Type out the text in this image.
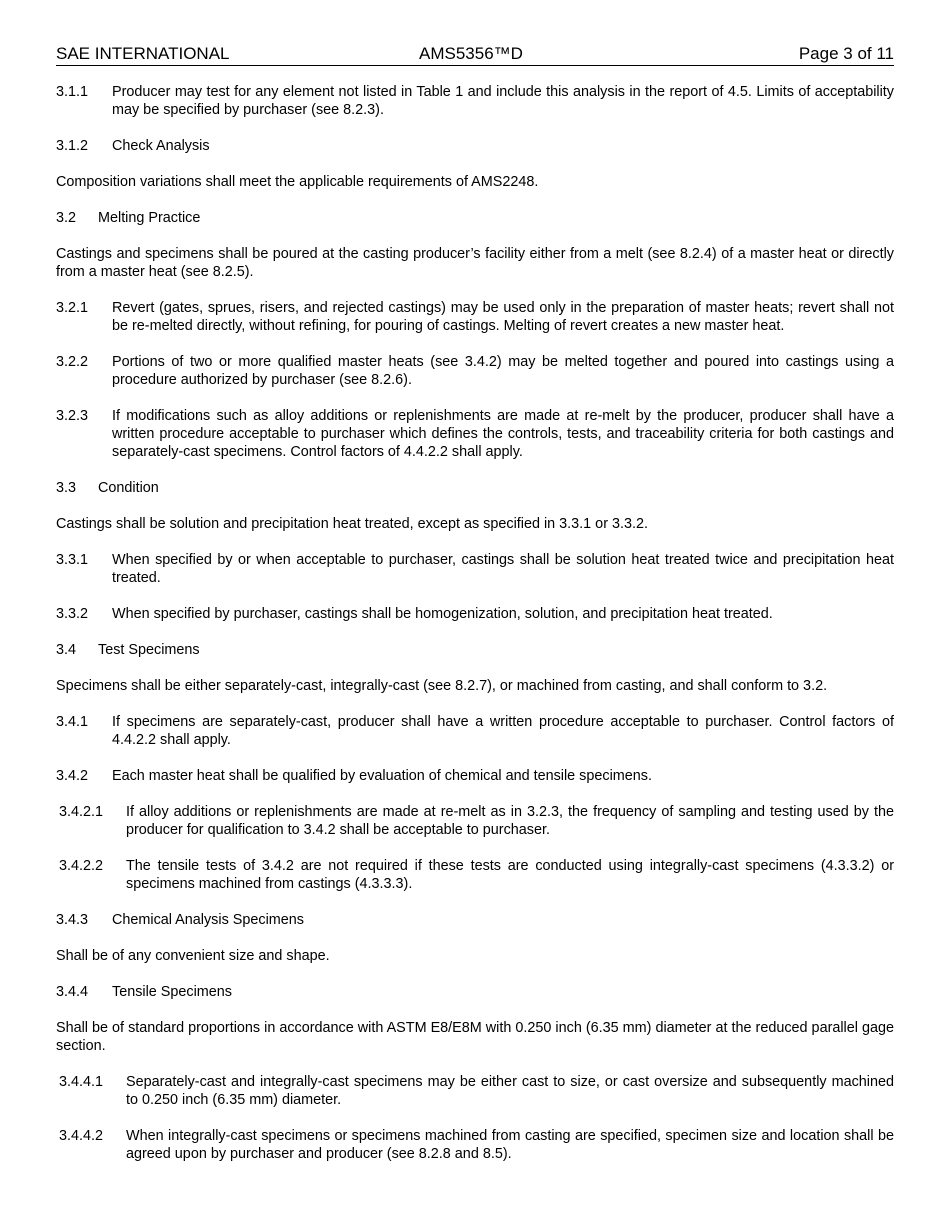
SAE INTERNATIONAL	AMS5356™D	Page 3 of 11
3.1.1 Producer may test for any element not listed in Table 1 and include this analysis in the report of 4.5. Limits of acceptability may be specified by purchaser (see 8.2.3).
3.1.2 Check Analysis
Composition variations shall meet the applicable requirements of AMS2248.
3.2 Melting Practice
Castings and specimens shall be poured at the casting producer’s facility either from a melt (see 8.2.4) of a master heat or directly from a master heat (see 8.2.5).
3.2.1 Revert (gates, sprues, risers, and rejected castings) may be used only in the preparation of master heats; revert shall not be re-melted directly, without refining, for pouring of castings. Melting of revert creates a new master heat.
3.2.2 Portions of two or more qualified master heats (see 3.4.2) may be melted together and poured into castings using a procedure authorized by purchaser (see 8.2.6).
3.2.3 If modifications such as alloy additions or replenishments are made at re-melt by the producer, producer shall have a written procedure acceptable to purchaser which defines the controls, tests, and traceability criteria for both castings and separately-cast specimens. Control factors of 4.4.2.2 shall apply.
3.3 Condition
Castings shall be solution and precipitation heat treated, except as specified in 3.3.1 or 3.3.2.
3.3.1 When specified by or when acceptable to purchaser, castings shall be solution heat treated twice and precipitation heat treated.
3.3.2 When specified by purchaser, castings shall be homogenization, solution, and precipitation heat treated.
3.4 Test Specimens
Specimens shall be either separately-cast, integrally-cast (see 8.2.7), or machined from casting, and shall conform to 3.2.
3.4.1 If specimens are separately-cast, producer shall have a written procedure acceptable to purchaser. Control factors of 4.4.2.2 shall apply.
3.4.2 Each master heat shall be qualified by evaluation of chemical and tensile specimens.
3.4.2.1 If alloy additions or replenishments are made at re-melt as in 3.2.3, the frequency of sampling and testing used by the producer for qualification to 3.4.2 shall be acceptable to purchaser.
3.4.2.2 The tensile tests of 3.4.2 are not required if these tests are conducted using integrally-cast specimens (4.3.3.2) or specimens machined from castings (4.3.3.3).
3.4.3 Chemical Analysis Specimens
Shall be of any convenient size and shape.
3.4.4 Tensile Specimens
Shall be of standard proportions in accordance with ASTM E8/E8M with 0.250 inch (6.35 mm) diameter at the reduced parallel gage section.
3.4.4.1 Separately-cast and integrally-cast specimens may be either cast to size, or cast oversize and subsequently machined to 0.250 inch (6.35 mm) diameter.
3.4.4.2 When integrally-cast specimens or specimens machined from casting are specified, specimen size and location shall be agreed upon by purchaser and producer (see 8.2.8 and 8.5).
